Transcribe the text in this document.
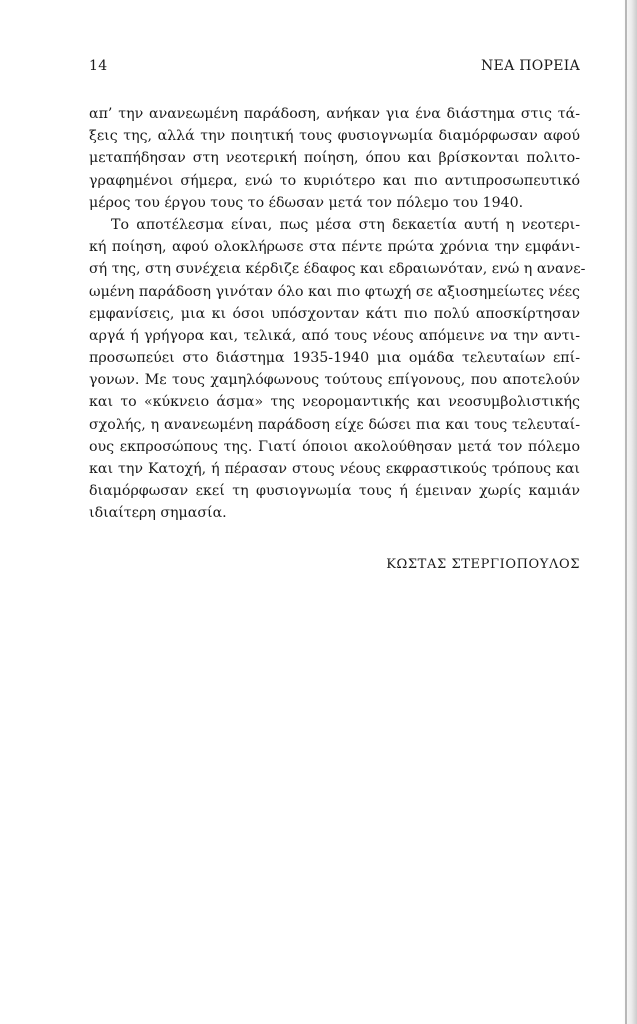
14	ΝΕΑ ΠΟΡΕΙΑ
απ’ την ανανεωμένη παράδοση, ανήκαν για ένα διάστημα στις τά-
ξεις της, αλλά την ποιητική τους φυσιογνωμία διαμόρφωσαν αφού
μεταπήδησαν στη νεοτερική ποίηση, όπου και βρίσκονται πολιτο-
γραφημένοι σήμερα, ενώ το κυριότερο και πιο αντιπροσωπευτικό
μέρος του έργου τους το έδωσαν μετά τον πόλεμο του 1940.
Το αποτέλεσμα είναι, πως μέσα στη δεκαετία αυτή η νεοτερι-
κή ποίηση, αφού ολοκλήρωσε στα πέντε πρώτα χρόνια την εμφάνι-
σή της, στη συνέχεια κέρδιζε έδαφος και εδραιωνόταν, ενώ η ανανε-
ωμένη παράδοση γινόταν όλο και πιο φτωχή σε αξιοσημείωτες νέες
εμφανίσεις, μια κι όσοι υπόσχονταν κάτι πιο πολύ αποσκίρτησαν
αργά ή γρήγορα και, τελικά, από τους νέους απόμεινε να την αντι-
προσωπεύει στο διάστημα 1935-1940 μια ομάδα τελευταίων επί-
γονων. Με τους χαμηλόφωνους τούτους επίγονους, που αποτελούν
και το «κύκνειο άσμα» της νεορομαντικής και νεοσυμβολιστικής
σχολής, η ανανεωμένη παράδοση είχε δώσει πια και τους τελευταί-
ους εκπροσώπους της. Γιατί όποιοι ακολούθησαν μετά τον πόλεμο
και την Κατοχή, ή πέρασαν στους νέους εκφραστικούς τρόπους και
διαμόρφωσαν εκεί τη φυσιογνωμία τους ή έμειναν χωρίς καμιάν
ιδιαίτερη σημασία.
ΚΩΣΤΑΣ ΣΤΕΡΓΙΟΠΟΥΛΟΣ
